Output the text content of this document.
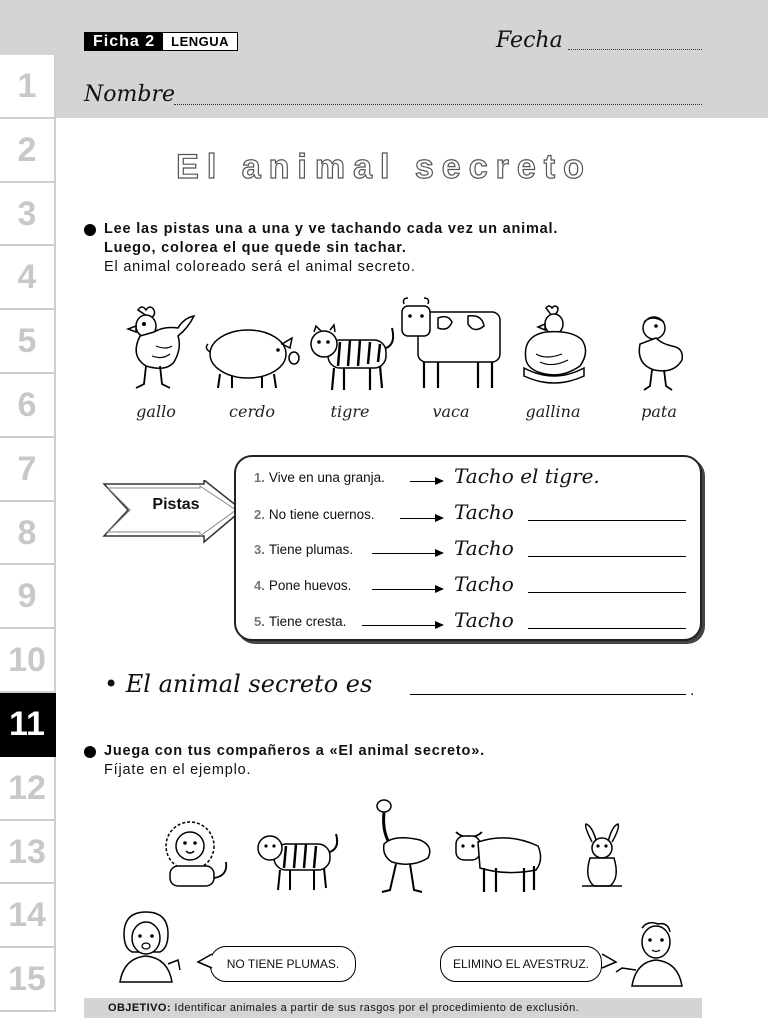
Ficha 2	LENGUA	Fecha
Nombre
1
2
3
4
5
6
7
8
9
10
11
12
13
14
15
El animal secreto
Lee las pistas una a una y ve tachando cada vez un animal.
Luego, colorea el que quede sin tachar.
El animal coloreado será el animal secreto.
gallo	cerdo	tigre	vaca	gallina	pata
Pistas
1. Vive en una granja.	Tacho el tigre.
2. No tiene cuernos.	Tacho
3. Tiene plumas.	Tacho
4. Pone huevos.	Tacho
5. Tiene cresta.	Tacho
• El animal secreto es	.
Juega con tus compañeros a «El animal secreto».
Fíjate en el ejemplo.
NO TIENE PLUMAS.	ELIMINO EL AVESTRUZ.
OBJETIVO: Identificar animales a partir de sus rasgos por el procedimiento de exclusión.
